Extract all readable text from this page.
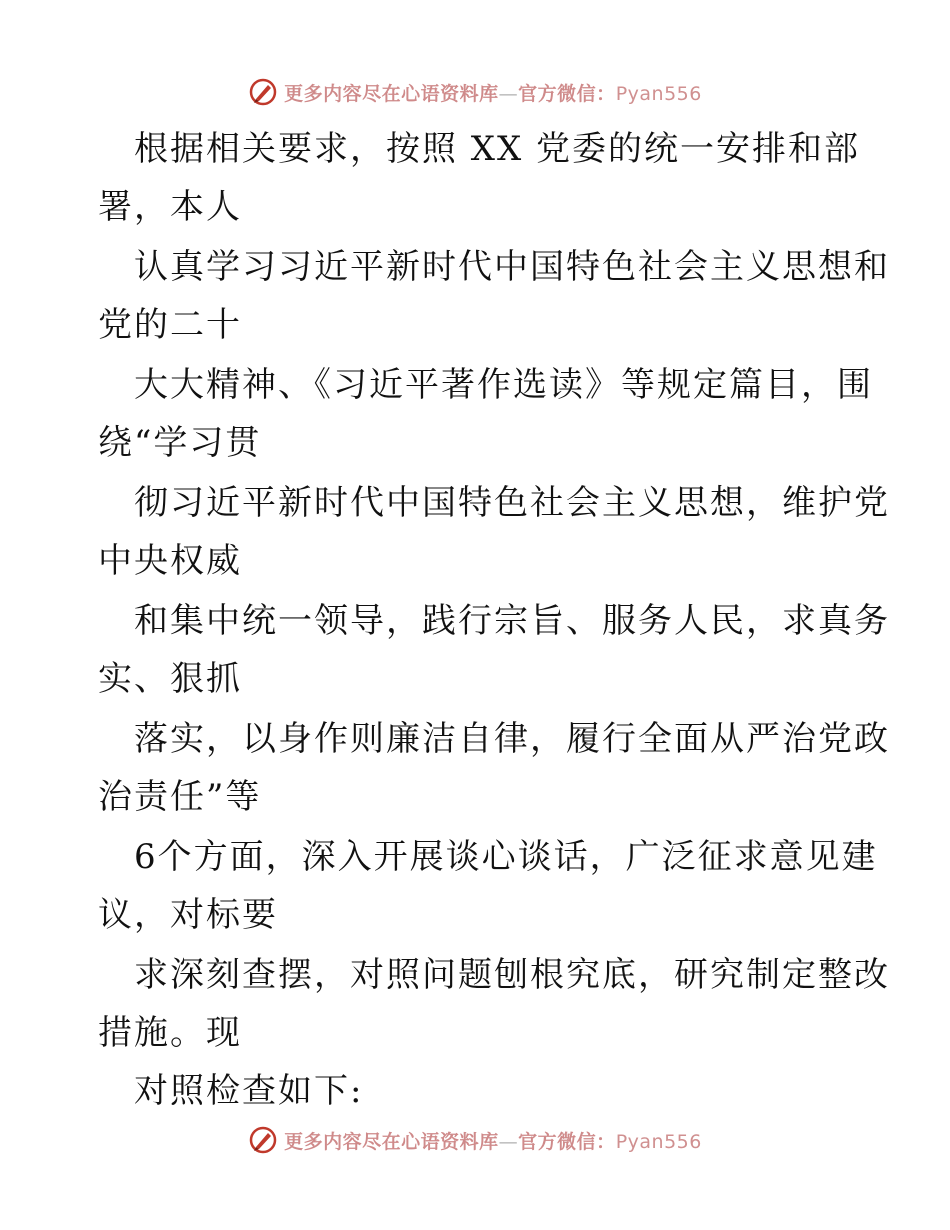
更多内容尽在心语资料库—官方微信：Pyan556
根据相关要求，按照 XX 党委的统一安排和部
署，本人
认真学习习近平新时代中国特色社会主义思想和
党的二十
大大精神、《习近平著作选读》等规定篇目，围
绕“学习贯
彻习近平新时代中国特色社会主义思想，维护党
中央权威
和集中统一领导，践行宗旨、服务人民，求真务
实、狠抓
落实，以身作则廉洁自律，履行全面从严治党政
治责任”等
6个方面，深入开展谈心谈话，广泛征求意见建
议，对标要
求深刻查摆，对照问题刨根究底，研究制定整改
措施。现
对照检查如下:
更多内容尽在心语资料库—官方微信：Pyan556
